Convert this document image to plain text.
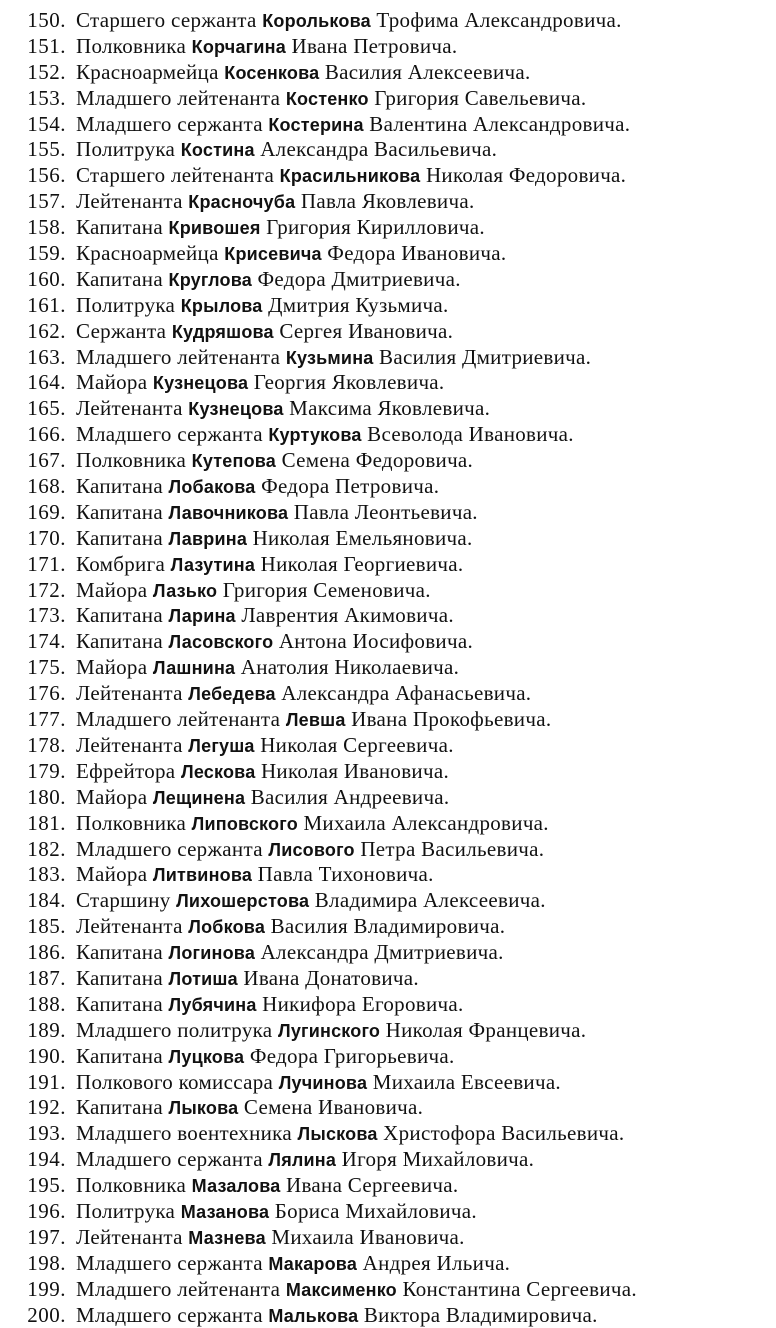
150. Старшего сержанта Королькова Трофима Александровича.
151. Полковника Корчагина Ивана Петровича.
152. Красноармейца Косенкова Василия Алексеевича.
153. Младшего лейтенанта Костенко Григория Савельевича.
154. Младшего сержанта Костерина Валентина Александровича.
155. Политрука Костина Александра Васильевича.
156. Старшего лейтенанта Красильникова Николая Федоровича.
157. Лейтенанта Красночуба Павла Яковлевича.
158. Капитана Кривошея Григория Кирилловича.
159. Красноармейца Крисевича Федора Ивановича.
160. Капитана Круглова Федора Дмитриевича.
161. Политрука Крылова Дмитрия Кузьмича.
162. Сержанта Кудряшова Сергея Ивановича.
163. Младшего лейтенанта Кузьмина Василия Дмитриевича.
164. Майора Кузнецова Георгия Яковлевича.
165. Лейтенанта Кузнецова Максима Яковлевича.
166. Младшего сержанта Куртукова Всеволода Ивановича.
167. Полковника Кутепова Семена Федоровича.
168. Капитана Лобакова Федора Петровича.
169. Капитана Лавочникова Павла Леонтьевича.
170. Капитана Лаврина Николая Емельяновича.
171. Комбрига Лазутина Николая Георгиевича.
172. Майора Лазько Григория Семеновича.
173. Капитана Ларина Лаврентия Акимовича.
174. Капитана Ласовского Антона Иосифовича.
175. Майора Лашнина Анатолия Николаевича.
176. Лейтенанта Лебедева Александра Афанасьевича.
177. Младшего лейтенанта Левша Ивана Прокофьевича.
178. Лейтенанта Легуша Николая Сергеевича.
179. Ефрейтора Лескова Николая Ивановича.
180. Майора Лещинена Василия Андреевича.
181. Полковника Липовского Михаила Александровича.
182. Младшего сержанта Лисового Петра Васильевича.
183. Майора Литвинова Павла Тихоновича.
184. Старшину Лихошерстова Владимира Алексеевича.
185. Лейтенанта Лобкова Василия Владимировича.
186. Капитана Логинова Александра Дмитриевича.
187. Капитана Лотиша Ивана Донатовича.
188. Капитана Лубячина Никифора Егоровича.
189. Младшего политрука Лугинского Николая Францевича.
190. Капитана Луцкова Федора Григорьевича.
191. Полкового комиссара Лучинова Михаила Евсеевича.
192. Капитана Лыкова Семена Ивановича.
193. Младшего воентехника Лыскова Христофора Васильевича.
194. Младшего сержанта Лялина Игоря Михайловича.
195. Полковника Мазалова Ивана Сергеевича.
196. Политрука Мазанова Бориса Михайловича.
197. Лейтенанта Мазнева Михаила Ивановича.
198. Младшего сержанта Макарова Андрея Ильича.
199. Младшего лейтенанта Максименко Константина Сергеевича.
200. Младшего сержанта Малькова Виктора Владимировича.
